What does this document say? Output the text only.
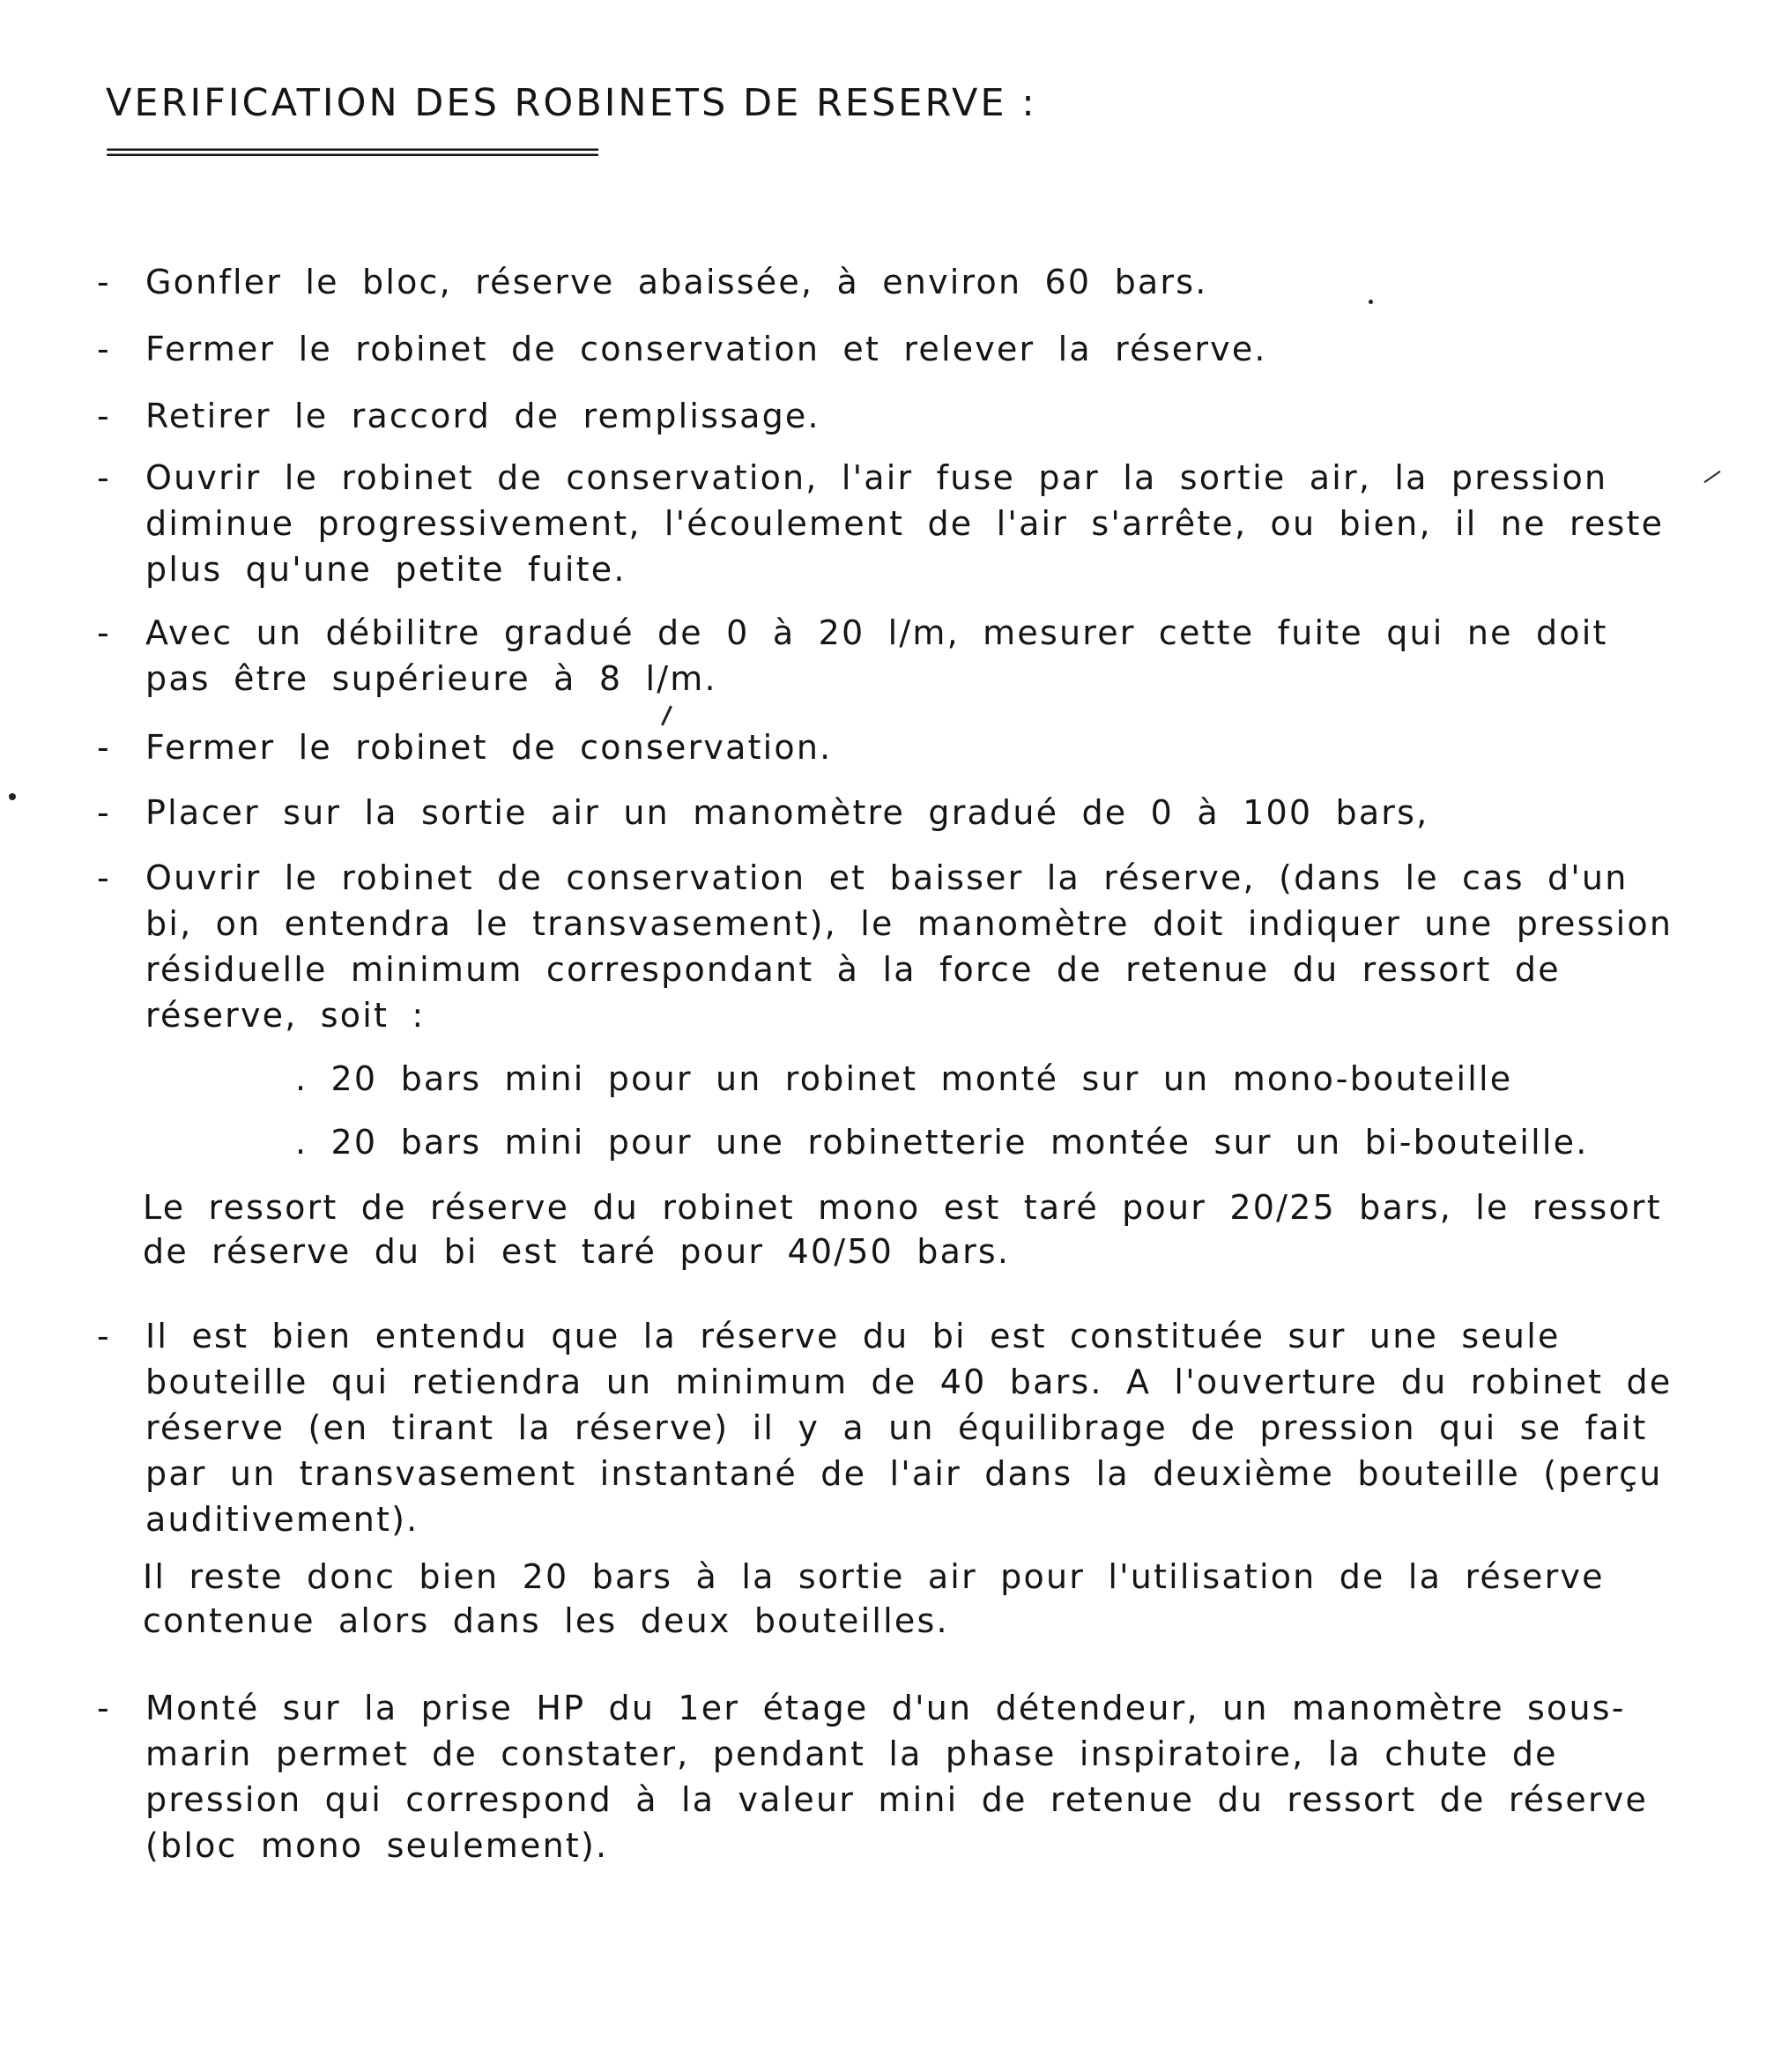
VERIFICATION DES ROBINETS DE RESERVE :
=====================================
- Gonfler le bloc, réserve abaissée, à environ 60 bars.
- Fermer le robinet de conservation et relever la réserve.
- Retirer le raccord de remplissage.
- Ouvrir le robinet de conservation, l'air fuse par la sortie air, la pression diminue progressivement, l'écoulement de l'air s'arrête, ou bien, il ne reste plus qu'une petite fuite.
- Avec un débilitre gradué de 0 à 20 l/m, mesurer cette fuite qui ne doit pas être supérieure à 8 l/m.
- Fermer le robinet de conservation.
- Placer sur la sortie air un manomètre gradué de 0 à 100 bars,
- Ouvrir le robinet de conservation et baisser la réserve, (dans le cas d'un bi, on entendra le transvasement), le manomètre doit indiquer une pression résiduelle minimum correspondant à la force de retenue du ressort de réserve, soit :
. 20 bars mini pour un robinet monté sur un mono-bouteille
. 20 bars mini pour une robinetterie montée sur un bi-bouteille.
Le ressort de réserve du robinet mono est taré pour 20/25 bars, le ressort de réserve du bi est taré pour 40/50 bars.
- Il est bien entendu que la réserve du bi est constituée sur une seule bouteille qui retiendra un minimum de 40 bars. A l'ouverture du robinet de réserve (en tirant la réserve) il y a un équilibrage de pression qui se fait par un transvasement instantané de l'air dans la deuxième bouteille (perçu auditivement).
Il reste donc bien 20 bars à la sortie air pour l'utilisation de la réserve contenue alors dans les deux bouteilles.
- Monté sur la prise HP du 1er étage d'un détendeur, un manomètre sous-marin permet de constater, pendant la phase inspiratoire, la chute de pression qui correspond à la valeur mini de retenue du ressort de réserve (bloc mono seulement).
